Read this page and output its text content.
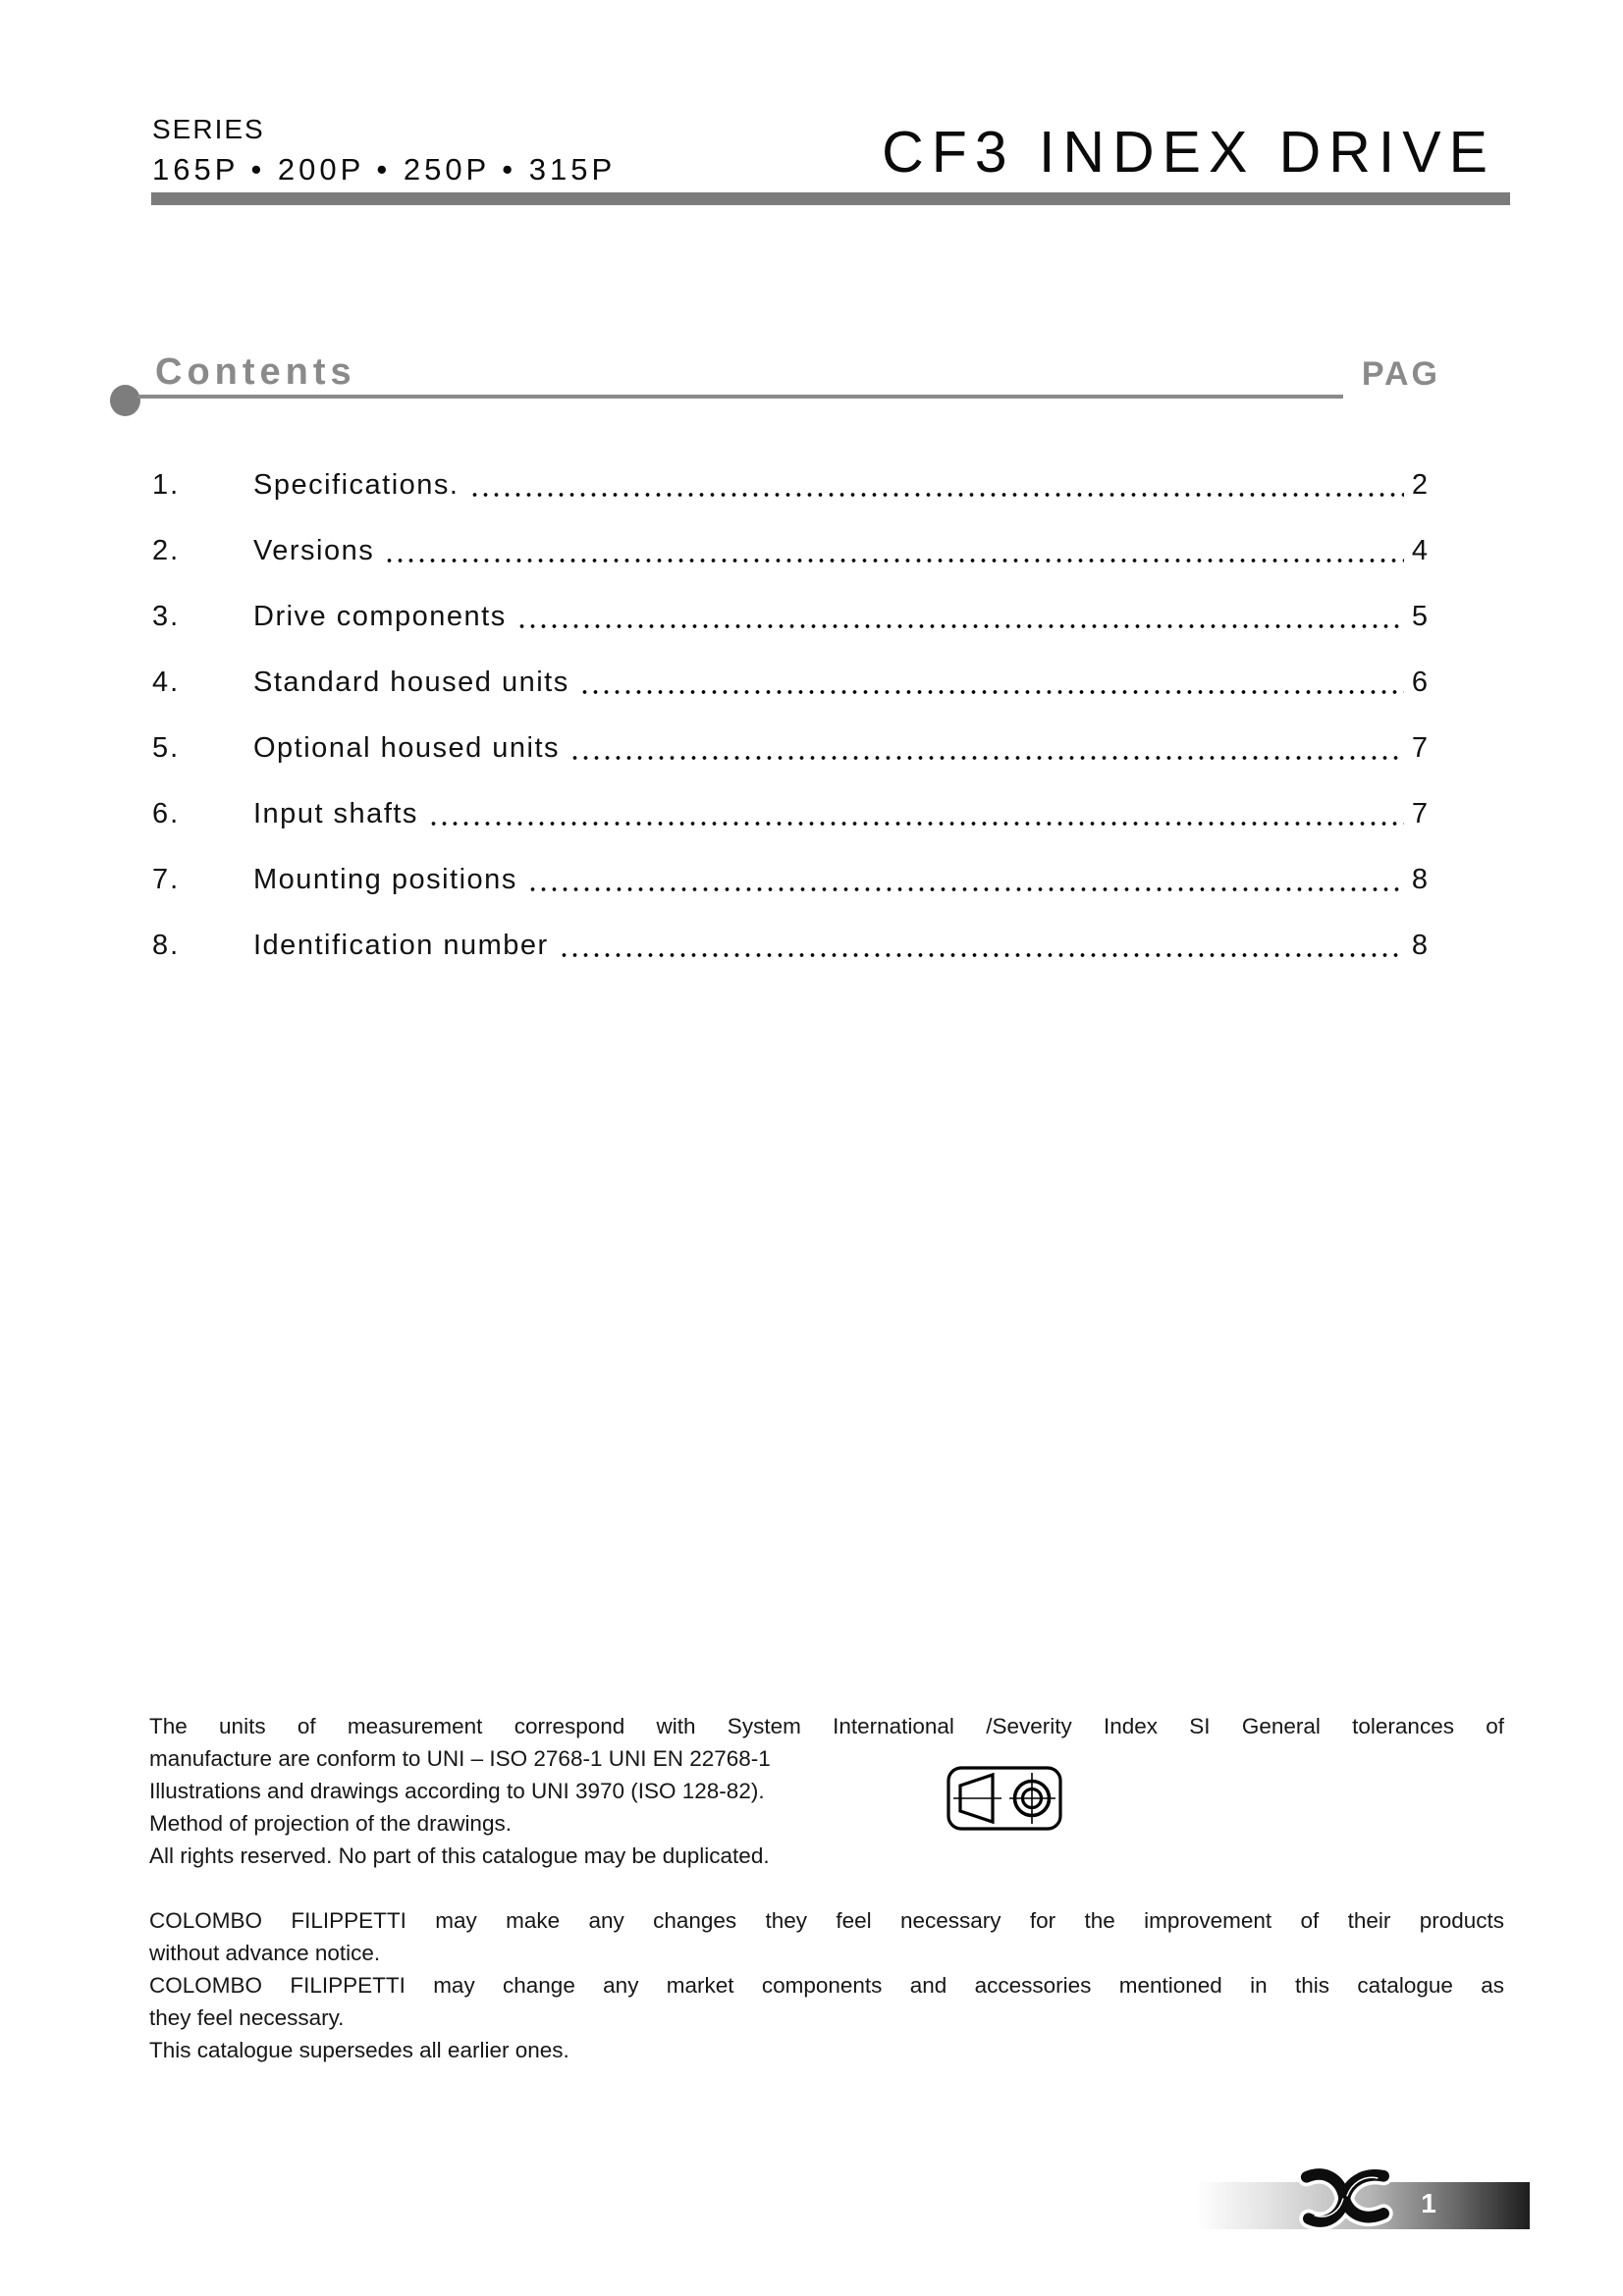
SERIES
165P • 200P • 250P • 315P	CF3 INDEX DRIVE
Contents	PAG
1.	Specifications.	2
2.	Versions	4
3.	Drive components	5
4.	Standard housed units	6
5.	Optional housed units	7
6.	Input shafts	7
7.	Mounting positions	8
8.	Identification number	8
The units of measurement correspond with System International /Severity Index SI General tolerances of
manufacture are conform to UNI – ISO 2768-1 UNI EN 22768-1
Illustrations and drawings according to UNI 3970 (ISO 128-82).
Method of projection of the drawings.
All rights reserved. No part of this catalogue may be duplicated.
COLOMBO FILIPPETTI may make any changes they feel necessary for the improvement of their products
without advance notice.
COLOMBO FILIPPETTI may change any market components and accessories mentioned in this catalogue as
they feel necessary.
This catalogue supersedes all earlier ones.
1
